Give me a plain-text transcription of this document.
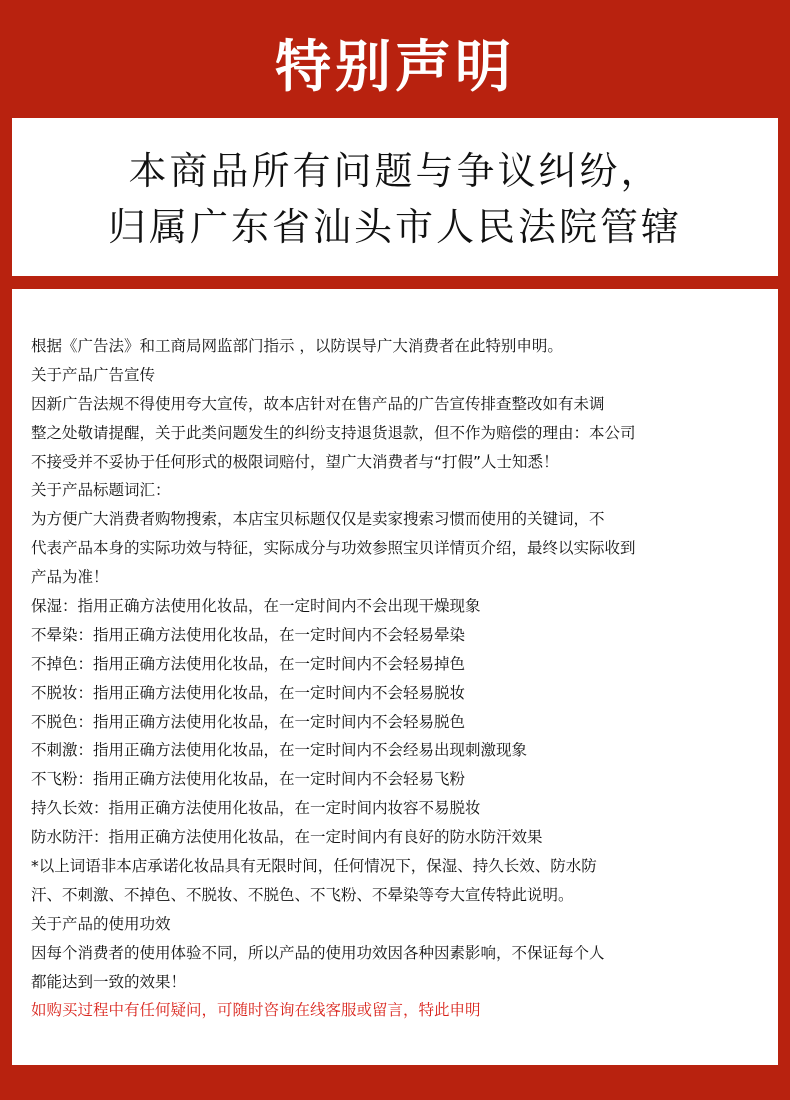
特别声明
本商品所有问题与争议纠纷，
归属广东省汕头市人民法院管辖
根据《广告法》和工商局网监部门指示 ，以防误导广大消费者在此特别申明。
关于产品广告宣传
因新广告法规不得使用夸大宣传，故本店针对在售产品的广告宣传排查整改如有未调
整之处敬请提醒，关于此类问题发生的纠纷支持退货退款，但不作为赔偿的理由：本公司
不接受并不妥协于任何形式的极限词赔付，望广大消费者与“打假”人士知悉！
关于产品标题词汇：
为方便广大消费者购物搜索，本店宝贝标题仅仅是卖家搜索习惯而使用的关键词，不
代表产品本身的实际功效与特征，实际成分与功效参照宝贝详情页介绍，最终以实际收到
产品为准！
保湿：指用正确方法使用化妆品，在一定时间内不会出现干燥现象
不晕染：指用正确方法使用化妆品，在一定时间内不会轻易晕染
不掉色：指用正确方法使用化妆品，在一定时间内不会轻易掉色
不脱妆：指用正确方法使用化妆品，在一定时间内不会轻易脱妆
不脱色：指用正确方法使用化妆品，在一定时间内不会轻易脱色
不刺激：指用正确方法使用化妆品，在一定时间内不会经易出现刺激现象
不飞粉：指用正确方法使用化妆品，在一定时间内不会轻易飞粉
持久长效：指用正确方法使用化妆品，在一定时间内妆容不易脱妆
防水防汗：指用正确方法使用化妆品，在一定时间内有良好的防水防汗效果
*以上词语非本店承诺化妆品具有无限时间，任何情况下，保湿、持久长效、防水防
汗、不刺激、不掉色、不脱妆、不脱色、不飞粉、不晕染等夸大宣传特此说明。
关于产品的使用功效
因每个消费者的使用体验不同，所以产品的使用功效因各种因素影响，不保证每个人
都能达到一致的效果！
如购买过程中有任何疑问，可随时咨询在线客服或留言，特此申明
